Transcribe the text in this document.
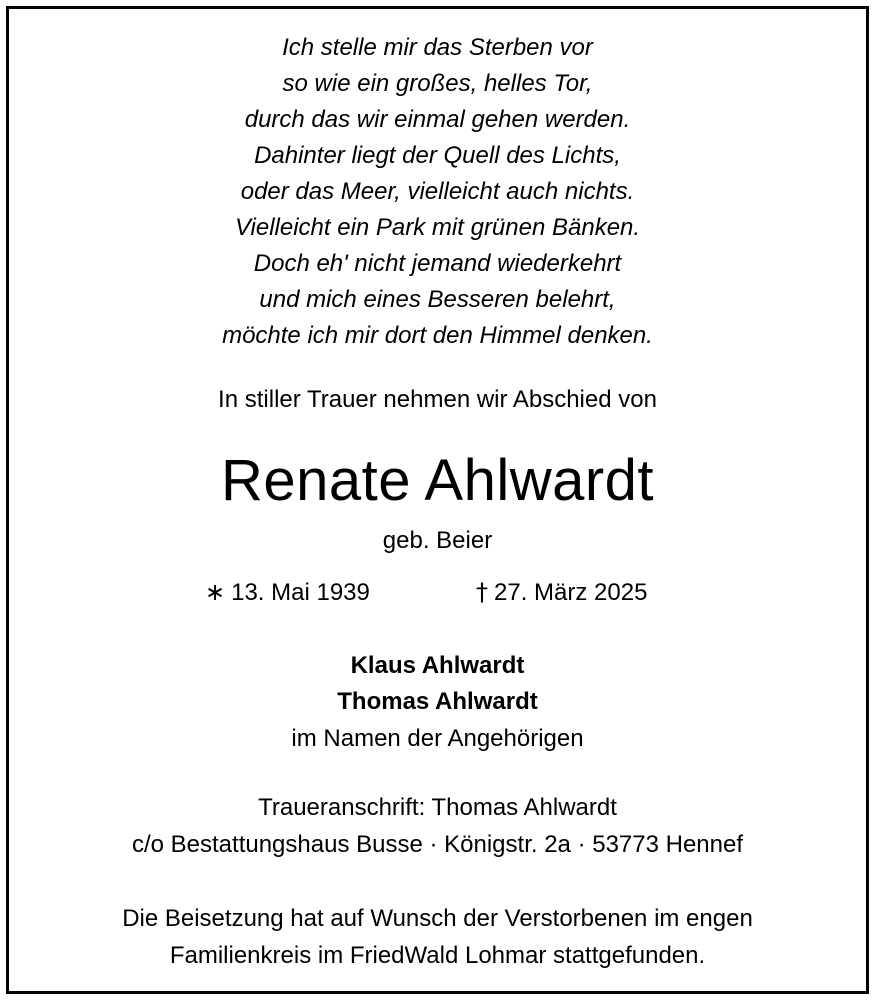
Ich stelle mir das Sterben vor
so wie ein großes, helles Tor,
durch das wir einmal gehen werden.
Dahinter liegt der Quell des Lichts,
oder das Meer, vielleicht auch nichts.
Vielleicht ein Park mit grünen Bänken.
Doch eh' nicht jemand wiederkehrt
und mich eines Besseren belehrt,
möchte ich mir dort den Himmel denken.
In stiller Trauer nehmen wir Abschied von
Renate Ahlwardt
geb. Beier
∗ 13. Mai 1939	† 27. März 2025
Klaus Ahlwardt
Thomas Ahlwardt
im Namen der Angehörigen
Traueranschrift: Thomas Ahlwardt
c/o Bestattungshaus Busse · Königstr. 2a · 53773 Hennef
Die Beisetzung hat auf Wunsch der Verstorbenen im engen
Familienkreis im FriedWald Lohmar stattgefunden.
